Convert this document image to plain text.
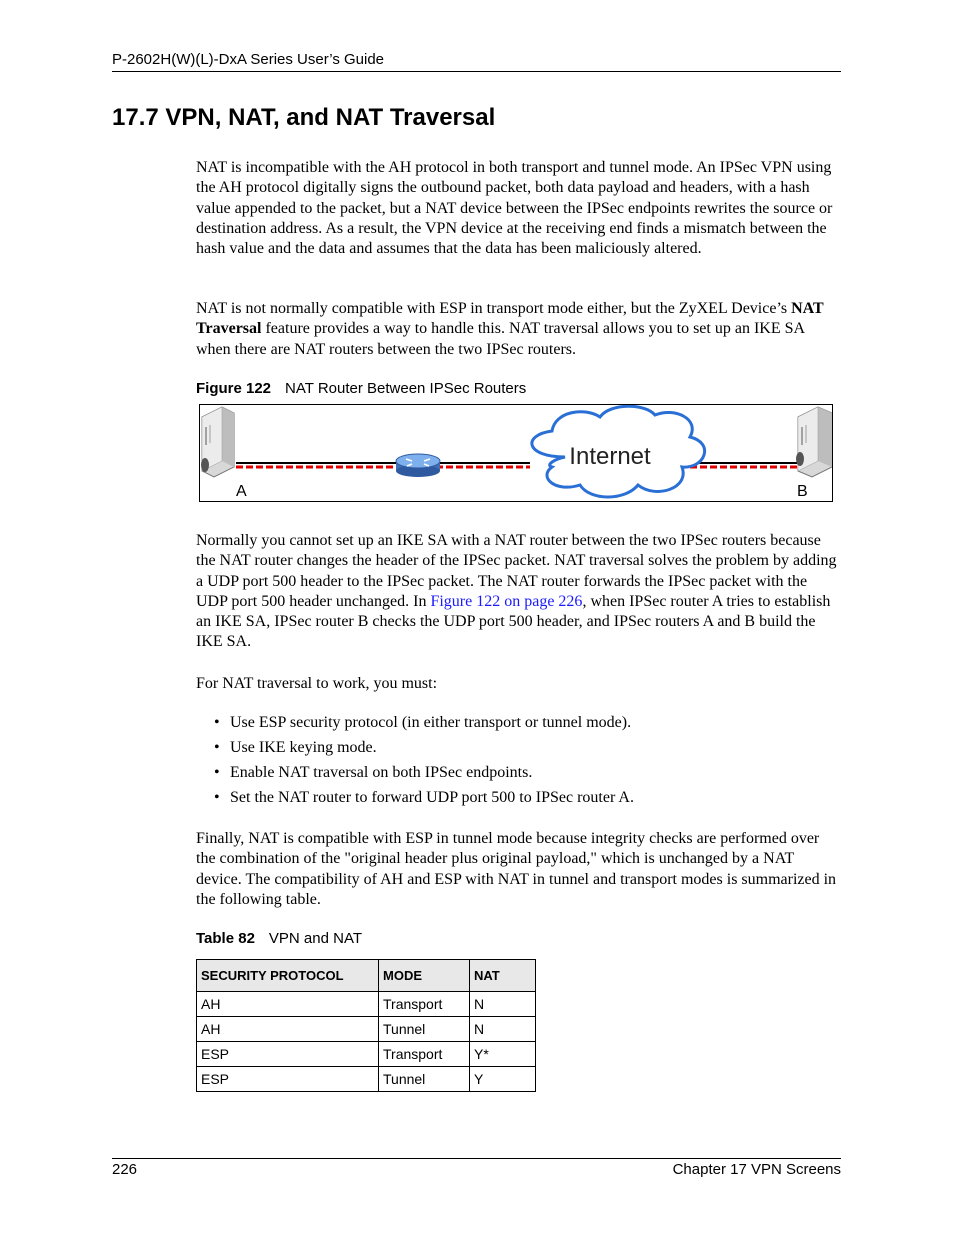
P-2602H(W)(L)-DxA Series User’s Guide
17.7 VPN, NAT, and NAT Traversal

NAT is incompatible with the AH protocol in both transport and tunnel mode. An IPSec VPN using the AH protocol digitally signs the outbound packet, both data payload and headers, with a hash value appended to the packet, but a NAT device between the IPSec endpoints rewrites the source or destination address. As a result, the VPN device at the receiving end finds a mismatch between the hash value and the data and assumes that the data has been maliciously altered.

NAT is not normally compatible with ESP in transport mode either, but the ZyXEL Device’s NAT Traversal feature provides a way to handle this. NAT traversal allows you to set up an IKE SA when there are NAT routers between the two IPSec routers.

Figure 122 NAT Router Between IPSec Routers
Internet
A	B

Normally you cannot set up an IKE SA with a NAT router between the two IPSec routers because the NAT router changes the header of the IPSec packet. NAT traversal solves the problem by adding a UDP port 500 header to the IPSec packet. The NAT router forwards the IPSec packet with the UDP port 500 header unchanged. In Figure 122 on page 226, when IPSec router A tries to establish an IKE SA, IPSec router B checks the UDP port 500 header, and IPSec routers A and B build the IKE SA.

For NAT traversal to work, you must:

• Use ESP security protocol (in either transport or tunnel mode).
• Use IKE keying mode.
• Enable NAT traversal on both IPSec endpoints.
• Set the NAT router to forward UDP port 500 to IPSec router A.

Finally, NAT is compatible with ESP in tunnel mode because integrity checks are performed over the combination of the "original header plus original payload," which is unchanged by a NAT device. The compatibility of AH and ESP with NAT in tunnel and transport modes is summarized in the following table.

Table 82 VPN and NAT
SECURITY PROTOCOL	MODE	NAT
AH	Transport	N
AH	Tunnel	N
ESP	Transport	Y*
ESP	Tunnel	Y
226	Chapter 17 VPN Screens
